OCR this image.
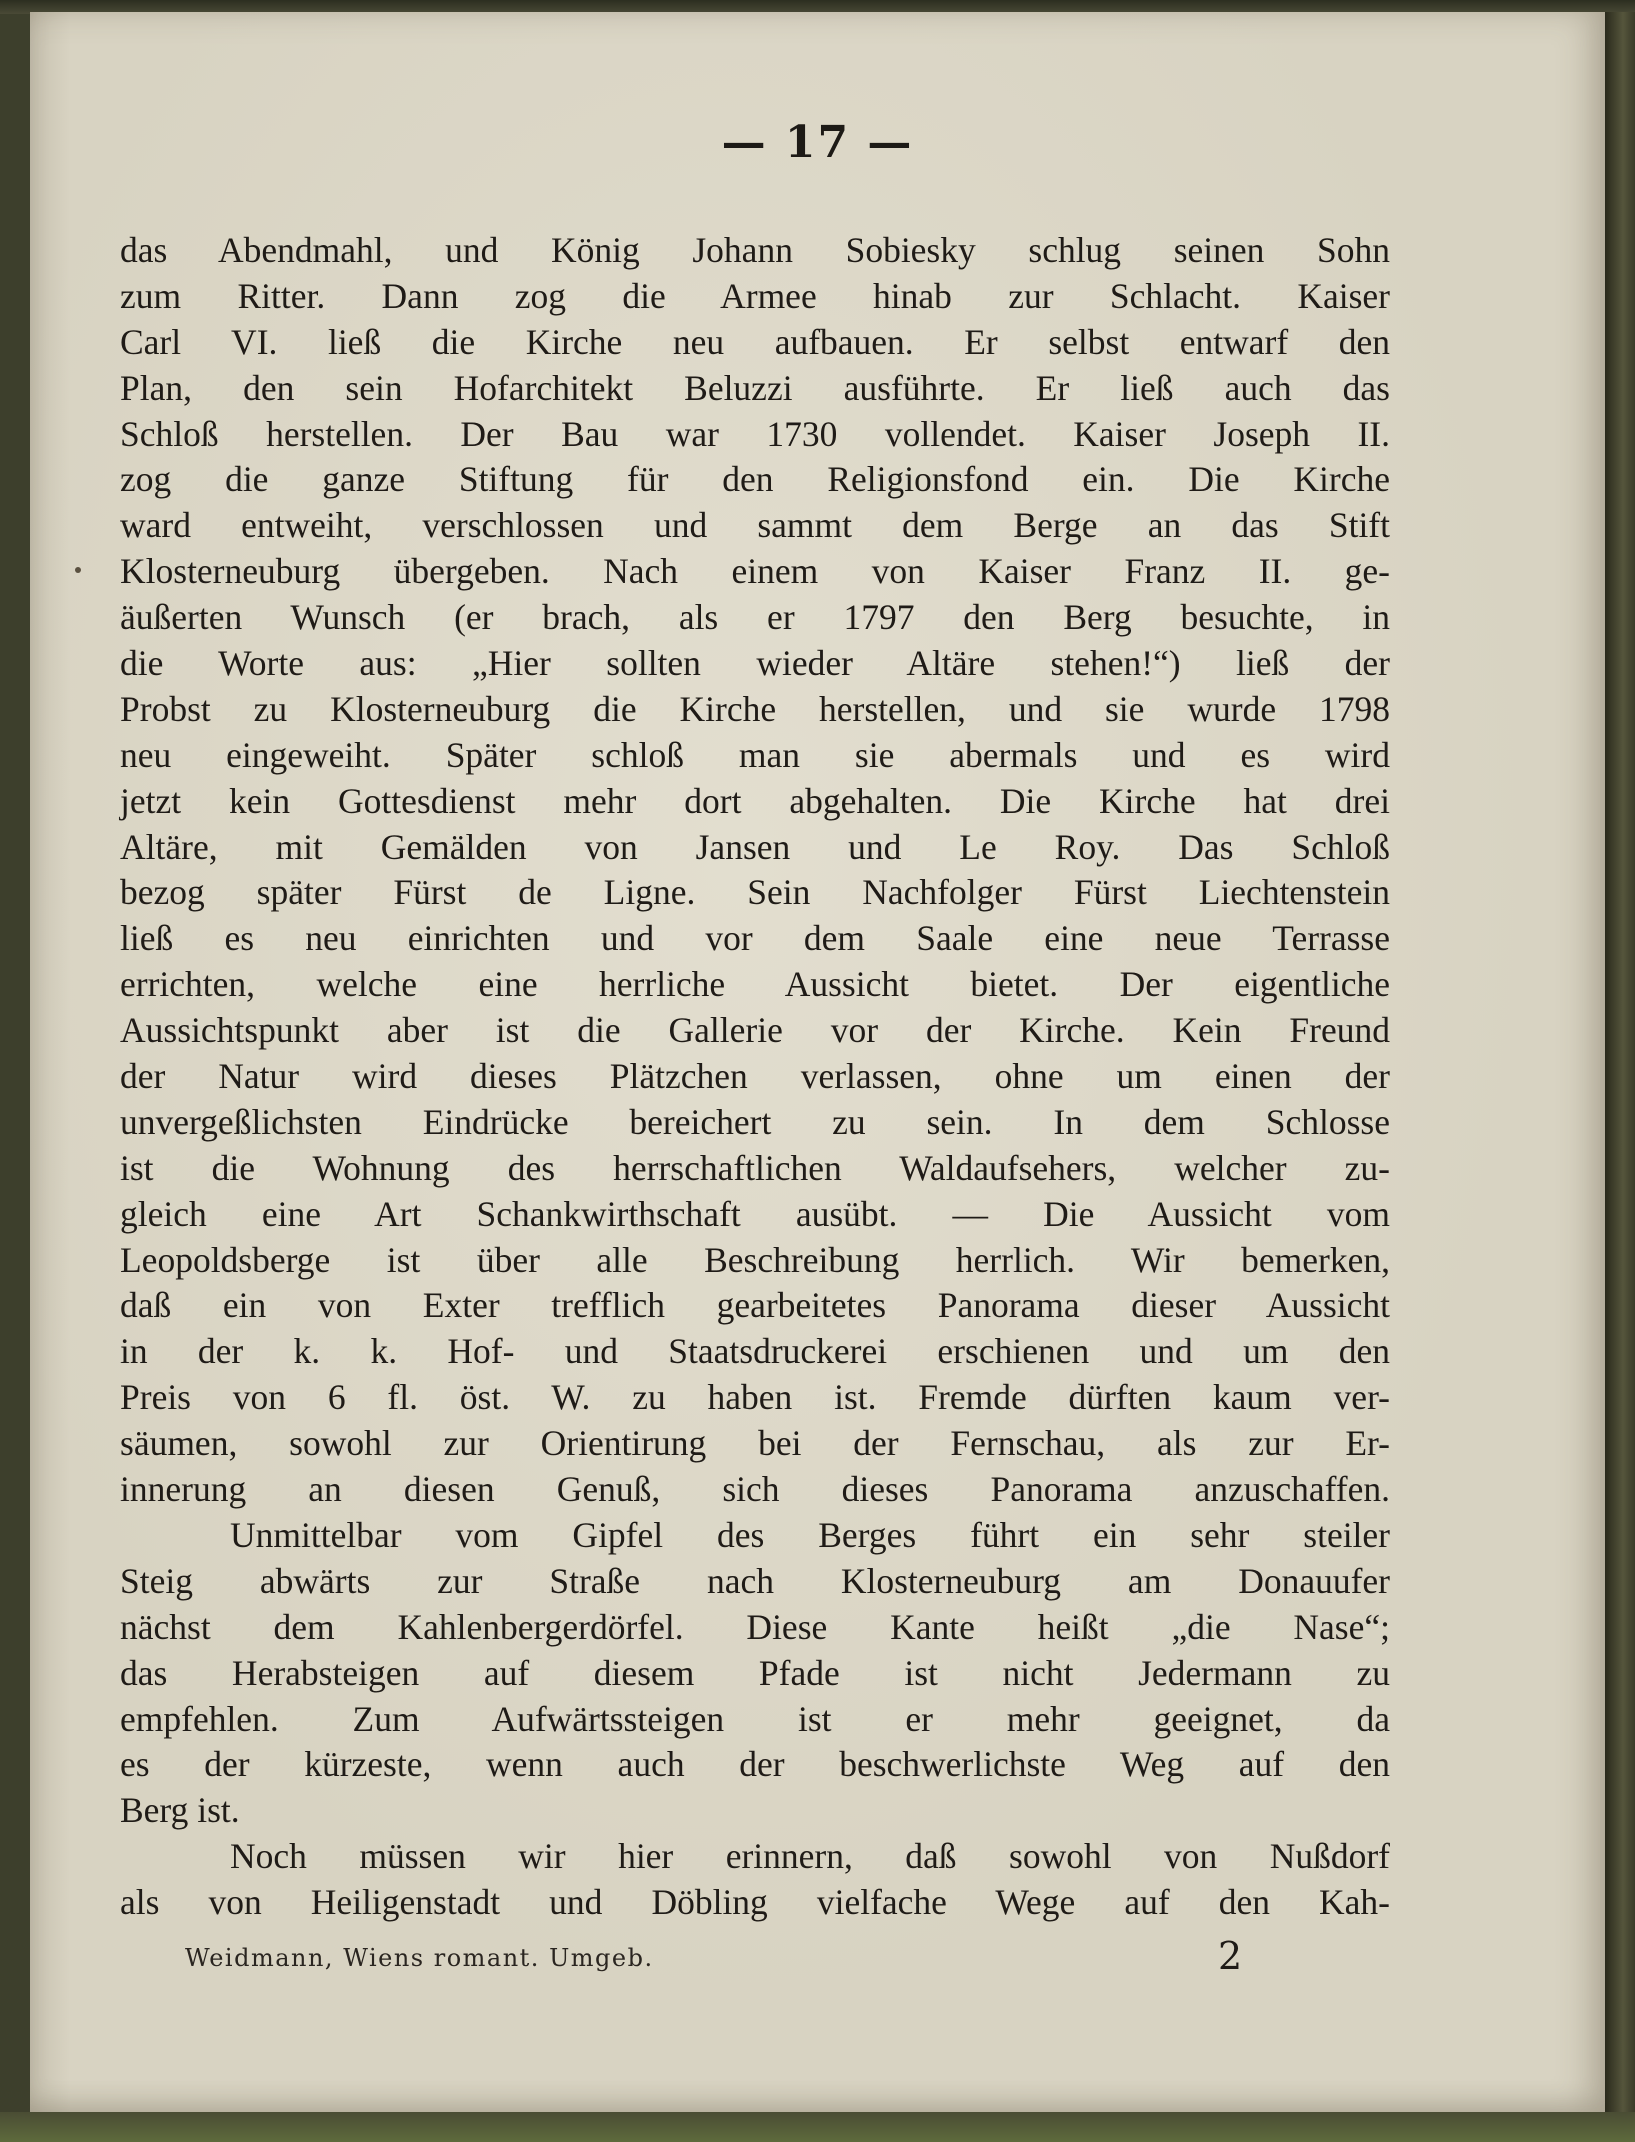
— 17 —
das Abendmahl, und König Johann Sobiesky schlug seinen Sohn
zum Ritter. Dann zog die Armee hinab zur Schlacht. Kaiser
Carl VI. ließ die Kirche neu aufbauen. Er selbst entwarf den
Plan, den sein Hofarchitekt Beluzzi ausführte. Er ließ auch das
Schloß herstellen. Der Bau war 1730 vollendet. Kaiser Joseph II.
zog die ganze Stiftung für den Religionsfond ein. Die Kirche
ward entweiht, verschlossen und sammt dem Berge an das Stift
Klosterneuburg übergeben. Nach einem von Kaiser Franz II. ge-
äußerten Wunsch (er brach, als er 1797 den Berg besuchte, in
die Worte aus: „Hier sollten wieder Altäre stehen!“) ließ der
Probst zu Klosterneuburg die Kirche herstellen, und sie wurde 1798
neu eingeweiht. Später schloß man sie abermals und es wird
jetzt kein Gottesdienst mehr dort abgehalten. Die Kirche hat drei
Altäre, mit Gemälden von Jansen und Le Roy. Das Schloß
bezog später Fürst de Ligne. Sein Nachfolger Fürst Liechtenstein
ließ es neu einrichten und vor dem Saale eine neue Terrasse
errichten, welche eine herrliche Aussicht bietet. Der eigentliche
Aussichtspunkt aber ist die Gallerie vor der Kirche. Kein Freund
der Natur wird dieses Plätzchen verlassen, ohne um einen der
unvergeßlichsten Eindrücke bereichert zu sein. In dem Schlosse
ist die Wohnung des herrschaftlichen Waldaufsehers, welcher zu-
gleich eine Art Schankwirthschaft ausübt. — Die Aussicht vom
Leopoldsberge ist über alle Beschreibung herrlich. Wir bemerken,
daß ein von Exter trefflich gearbeitetes Panorama dieser Aussicht
in der k. k. Hof- und Staatsdruckerei erschienen und um den
Preis von 6 fl. öst. W. zu haben ist. Fremde dürften kaum ver-
säumen, sowohl zur Orientirung bei der Fernschau, als zur Er-
innerung an diesen Genuß, sich dieses Panorama anzuschaffen.
Unmittelbar vom Gipfel des Berges führt ein sehr steiler
Steig abwärts zur Straße nach Klosterneuburg am Donauufer
nächst dem Kahlenbergerdörfel. Diese Kante heißt „die Nase“;
das Herabsteigen auf diesem Pfade ist nicht Jedermann zu
empfehlen. Zum Aufwärtssteigen ist er mehr geeignet, da
es der kürzeste, wenn auch der beschwerlichste Weg auf den
Berg ist.
Noch müssen wir hier erinnern, daß sowohl von Nußdorf
als von Heiligenstadt und Döbling vielfache Wege auf den Kah-
Weidmann, Wiens romant. Umgeb.	2
